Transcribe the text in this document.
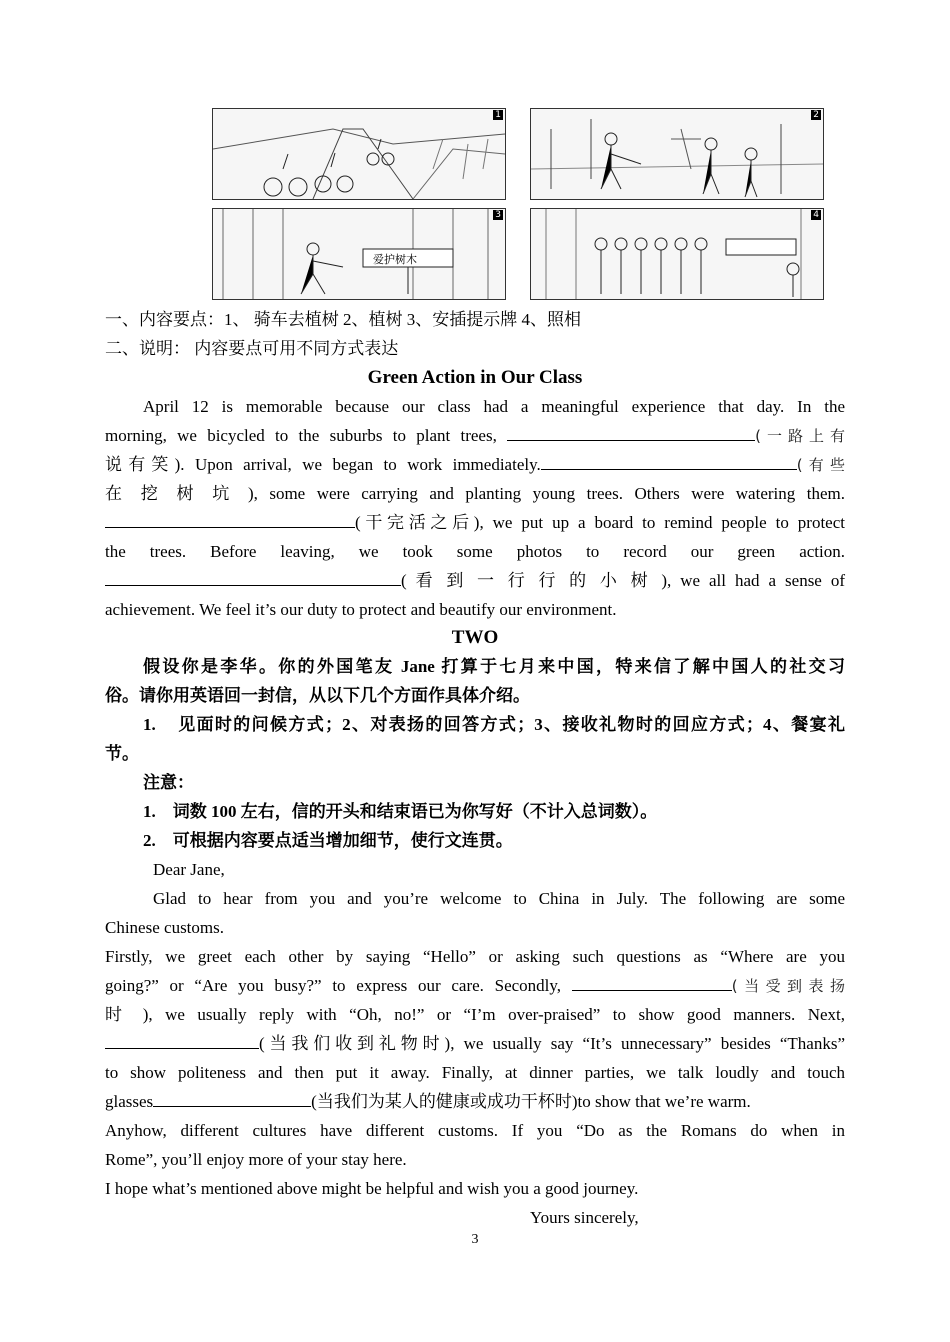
1	2
3
爱护树木
4
一、内容要点：1、 骑车去植树 2、植树 3、安插提示牌 4、照相
二、说明： 内容要点可用不同方式表达
Green Action in Our Class
April 12 is memorable because our class had a meaningful experience that day. In the
morning, we bicycled to the suburbs to plant trees,	(一路上有
说有笑). Upon arrival, we began to work immediately.	(有些
在 挖 树 坑 ), some were carrying and planting young trees. Others were watering them.
(干完活之后), we put up a board to remind people to protect
the trees. Before leaving, we took some photos to record our green action.
( 看 到 一 行 行 的 小 树 ), we all had a sense of
achievement. We feel it’s our duty to protect and beautify our environment.
TWO
假设你是李华。你的外国笔友 Jane 打算于七月来中国，特来信了解中国人的社交习
俗。请你用英语回一封信，从以下几个方面作具体介绍。
1. 见面时的问候方式；2、对表扬的回答方式；3、接收礼物时的回应方式；4、餐宴礼
节。
注意：
1. 词数 100 左右，信的开头和结束语已为你写好（不计入总词数）。
2. 可根据内容要点适当增加细节，使行文连贯。
Dear Jane,
Glad to hear from you and you’re welcome to China in July. The following are some
Chinese customs.
Firstly, we greet each other by saying “Hello” or asking such questions as “Where are you
going?” or “Are you busy?” to express our care. Secondly,	(当受到表扬
时 ), we usually reply with “Oh, no!” or “I’m over-praised” to show good manners. Next,
(当我们收到礼物时), we usually say “It’s unnecessary” besides “Thanks”
to show politeness and then put it away. Finally, at dinner parties, we talk loudly and touch
glasses	(当我们为某人的健康或成功干杯时)to show that we’re warm.
Anyhow, different cultures have different customs. If you “Do as the Romans do when in
Rome”, you’ll enjoy more of your stay here.
I hope what’s mentioned above might be helpful and wish you a good journey.
Yours sincerely,
3
